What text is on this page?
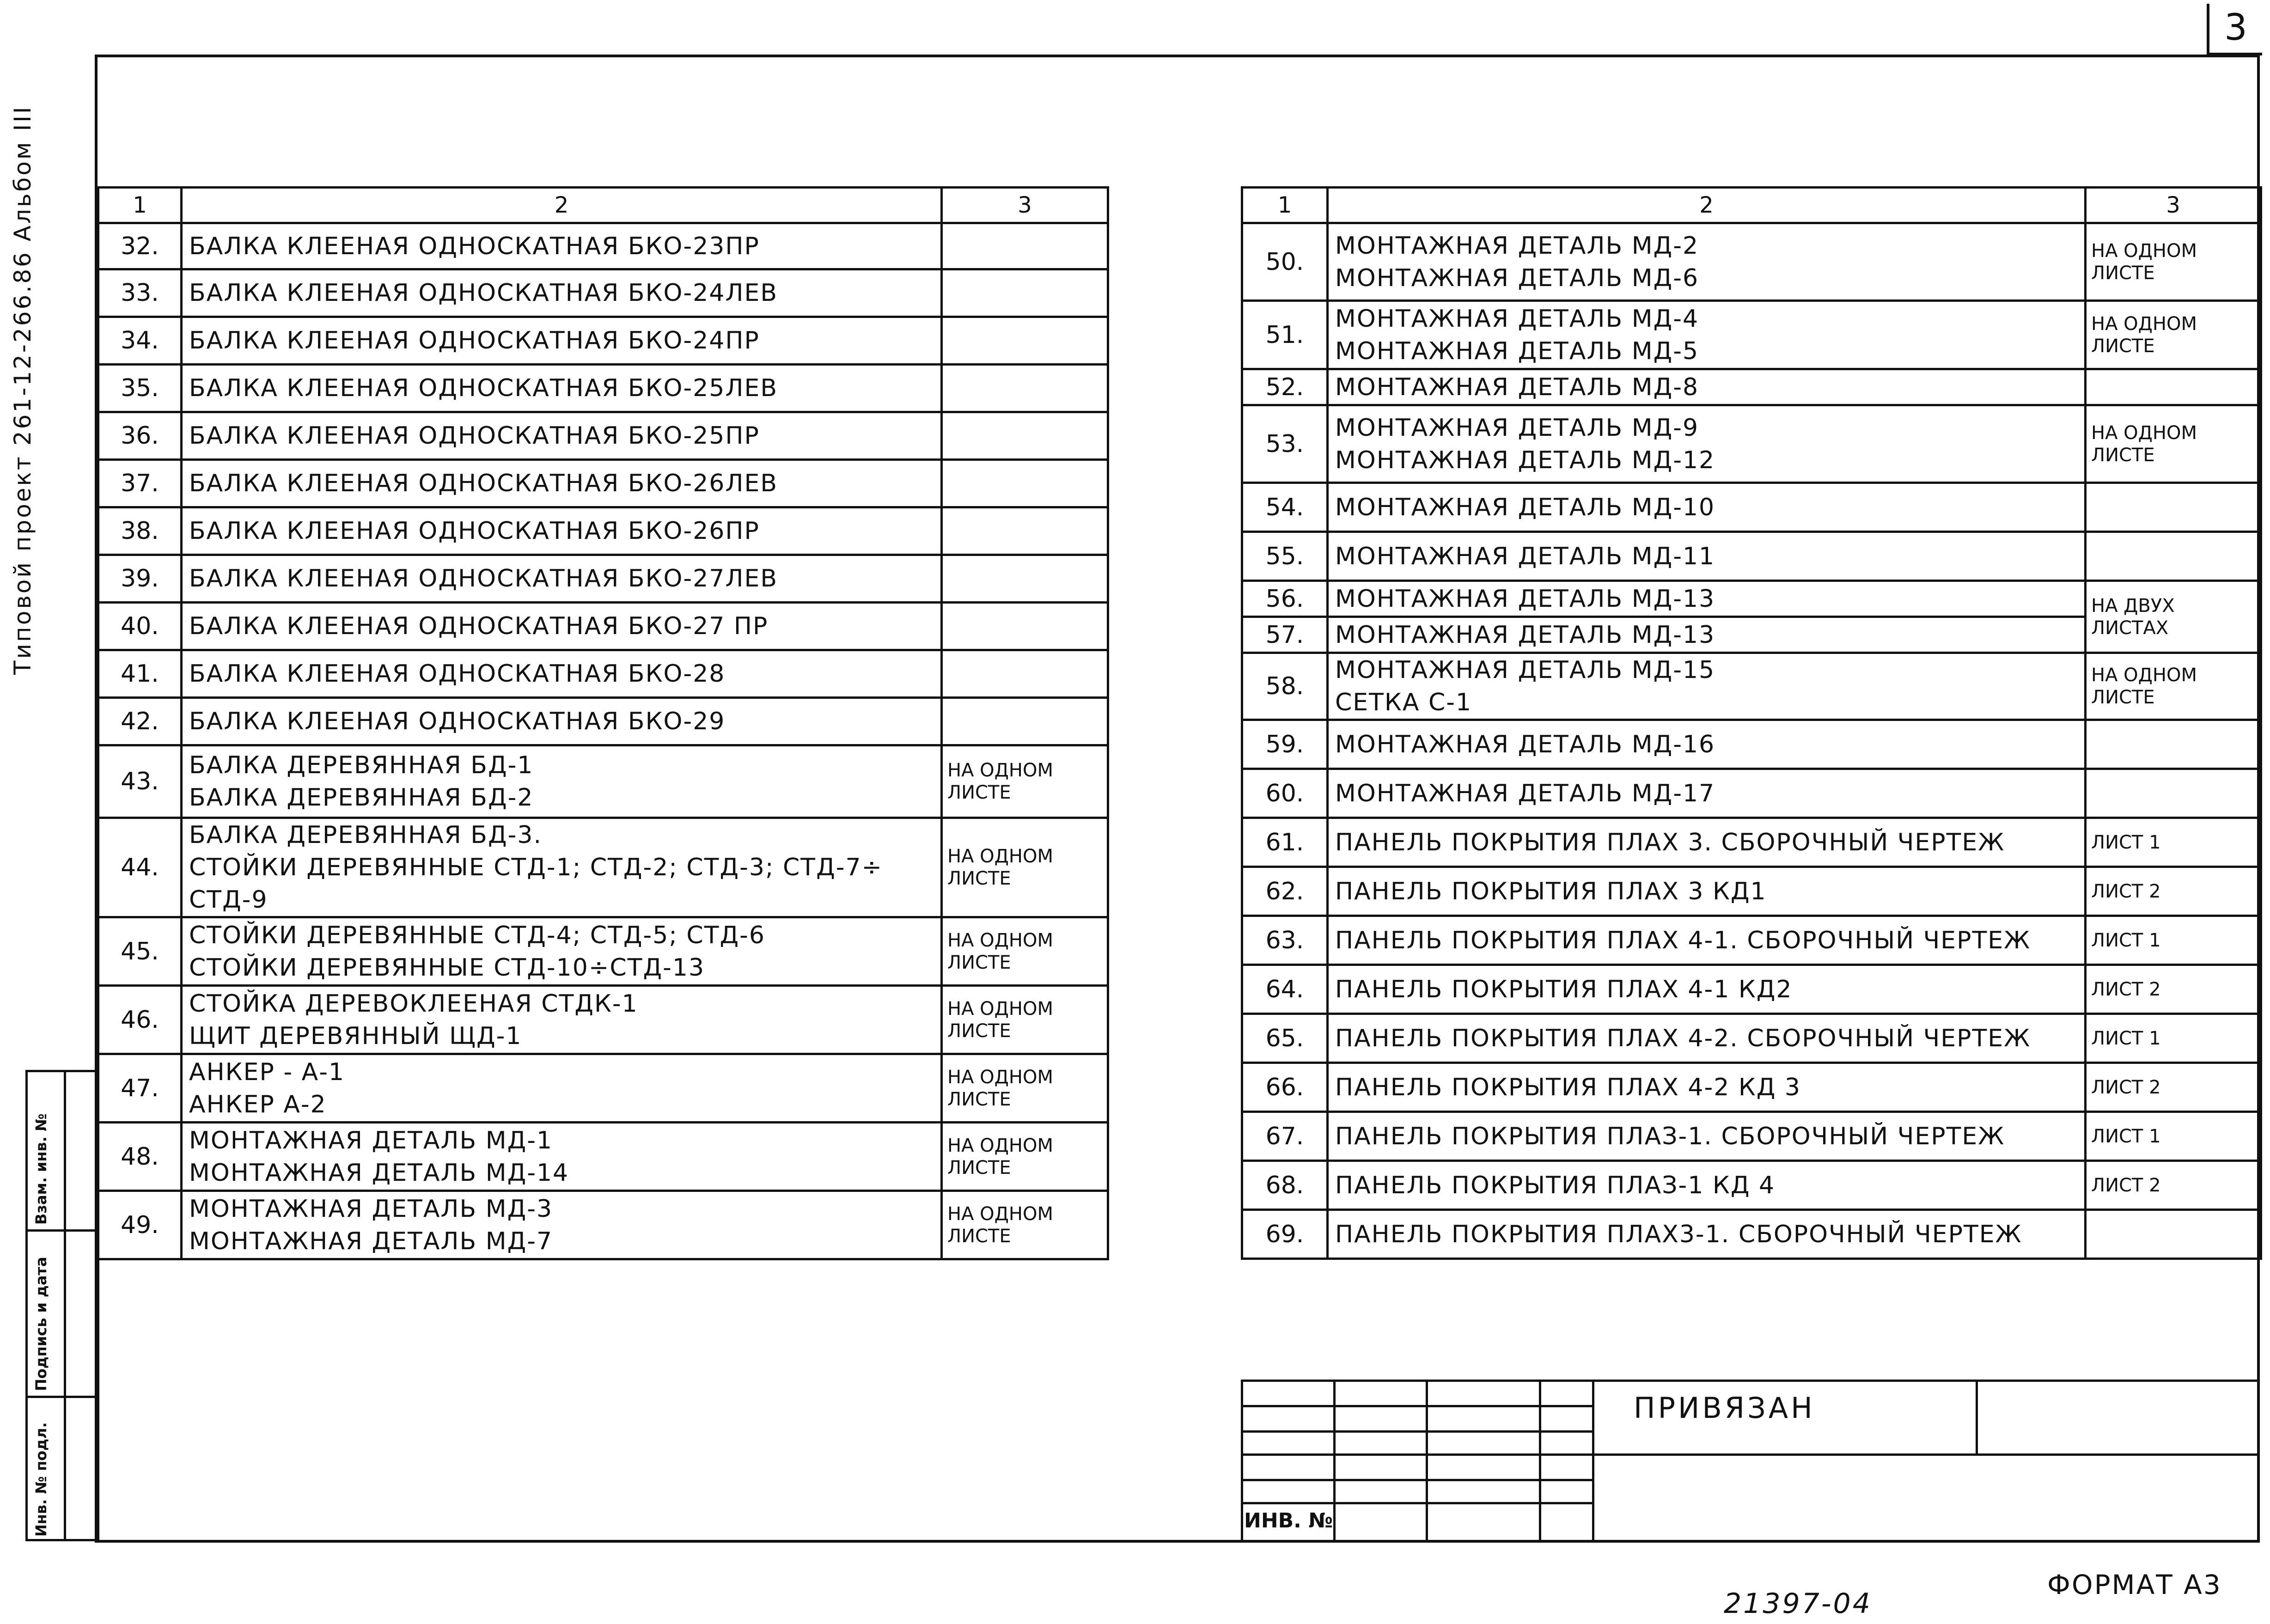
3
Типовой проект 261-12-266.86 Альбом III
Взам. инв. №
Подпись и дата
Инв. № подл.
1	2	3
32.	БАЛКА КЛЕЕНАЯ ОДНОСКАТНАЯ БКО-23ПР	

33.	БАЛКА КЛЕЕНАЯ ОДНОСКАТНАЯ БКО-24ЛЕВ	

34.	БАЛКА КЛЕЕНАЯ ОДНОСКАТНАЯ БКО-24ПР	

35.	БАЛКА КЛЕЕНАЯ ОДНОСКАТНАЯ БКО-25ЛЕВ	

36.	БАЛКА КЛЕЕНАЯ ОДНОСКАТНАЯ БКО-25ПР	

37.	БАЛКА КЛЕЕНАЯ ОДНОСКАТНАЯ БКО-26ЛЕВ	

38.	БАЛКА КЛЕЕНАЯ ОДНОСКАТНАЯ БКО-26ПР	

39.	БАЛКА КЛЕЕНАЯ ОДНОСКАТНАЯ БКО-27ЛЕВ	

40.	БАЛКА КЛЕЕНАЯ ОДНОСКАТНАЯ БКО-27 ПР	

41.	БАЛКА КЛЕЕНАЯ ОДНОСКАТНАЯ БКО-28	

42.	БАЛКА КЛЕЕНАЯ ОДНОСКАТНАЯ БКО-29	

43.	БАЛКА ДЕРЕВЯННАЯ БД-1
БАЛКА ДЕРЕВЯННАЯ БД-2	НА ОДНОМ ЛИСТЕ
44.	БАЛКА ДЕРЕВЯННАЯ БД-3.
СТОЙКИ ДЕРЕВЯННЫЕ СТД-1; СТД-2; СТД-3; СТД-7÷
СТД-9	НА ОДНОМ ЛИСТЕ
45.	СТОЙКИ ДЕРЕВЯННЫЕ СТД-4; СТД-5; СТД-6
СТОЙКИ ДЕРЕВЯННЫЕ СТД-10÷СТД-13	НА ОДНОМ ЛИСТЕ
46.	СТОЙКА ДЕРЕВОКЛЕЕНАЯ СТДК-1
ЩИТ ДЕРЕВЯННЫЙ ЩД-1	НА ОДНОМ ЛИСТЕ
47.	АНКЕР - А-1
АНКЕР А-2	НА ОДНОМ ЛИСТЕ
48.	МОНТАЖНАЯ ДЕТАЛЬ МД-1
МОНТАЖНАЯ ДЕТАЛЬ МД-14	НА ОДНОМ ЛИСТЕ
49.	МОНТАЖНАЯ ДЕТАЛЬ МД-3
МОНТАЖНАЯ ДЕТАЛЬ МД-7	НА ОДНОМ ЛИСТЕ
1	2	3
50.	МОНТАЖНАЯ ДЕТАЛЬ МД-2
МОНТАЖНАЯ ДЕТАЛЬ МД-6	НА ОДНОМ ЛИСТЕ
51.	МОНТАЖНАЯ ДЕТАЛЬ МД-4
МОНТАЖНАЯ ДЕТАЛЬ МД-5	НА ОДНОМ ЛИСТЕ
52.	МОНТАЖНАЯ ДЕТАЛЬ МД-8	

53.	МОНТАЖНАЯ ДЕТАЛЬ МД-9
МОНТАЖНАЯ ДЕТАЛЬ МД-12	НА ОДНОМ ЛИСТЕ
54.	МОНТАЖНАЯ ДЕТАЛЬ МД-10	

55.	МОНТАЖНАЯ ДЕТАЛЬ МД-11	

56.	МОНТАЖНАЯ ДЕТАЛЬ МД-13	НА ДВУХ ЛИСТАХ
57.	МОНТАЖНАЯ ДЕТАЛЬ МД-13	

58.	МОНТАЖНАЯ ДЕТАЛЬ МД-15
СЕТКА С-1	НА ОДНОМ ЛИСТЕ
59.	МОНТАЖНАЯ ДЕТАЛЬ МД-16	

60.	МОНТАЖНАЯ ДЕТАЛЬ МД-17	

61.	ПАНЕЛЬ ПОКРЫТИЯ ПЛАХ 3. СБОРОЧНЫЙ ЧЕРТЕЖ	ЛИСТ 1
62.	ПАНЕЛЬ ПОКРЫТИЯ ПЛАХ 3 КД1	ЛИСТ 2
63.	ПАНЕЛЬ ПОКРЫТИЯ ПЛАХ 4-1. СБОРОЧНЫЙ ЧЕРТЕЖ	ЛИСТ 1
64.	ПАНЕЛЬ ПОКРЫТИЯ ПЛАХ 4-1 КД2	ЛИСТ 2
65.	ПАНЕЛЬ ПОКРЫТИЯ ПЛАХ 4-2. СБОРОЧНЫЙ ЧЕРТЕЖ	ЛИСТ 1
66.	ПАНЕЛЬ ПОКРЫТИЯ ПЛАХ 4-2 КД 3	ЛИСТ 2
67.	ПАНЕЛЬ ПОКРЫТИЯ ПЛАЗ-1. СБОРОЧНЫЙ ЧЕРТЕЖ	ЛИСТ 1
68.	ПАНЕЛЬ ПОКРЫТИЯ ПЛАЗ-1 КД 4	ЛИСТ 2
69.	ПАНЕЛЬ ПОКРЫТИЯ ПЛАХ3-1. СБОРОЧНЫЙ ЧЕРТЕЖ	

ПРИВЯЗАН
ИНВ. №
ФОРМАТ А3
21397-04
